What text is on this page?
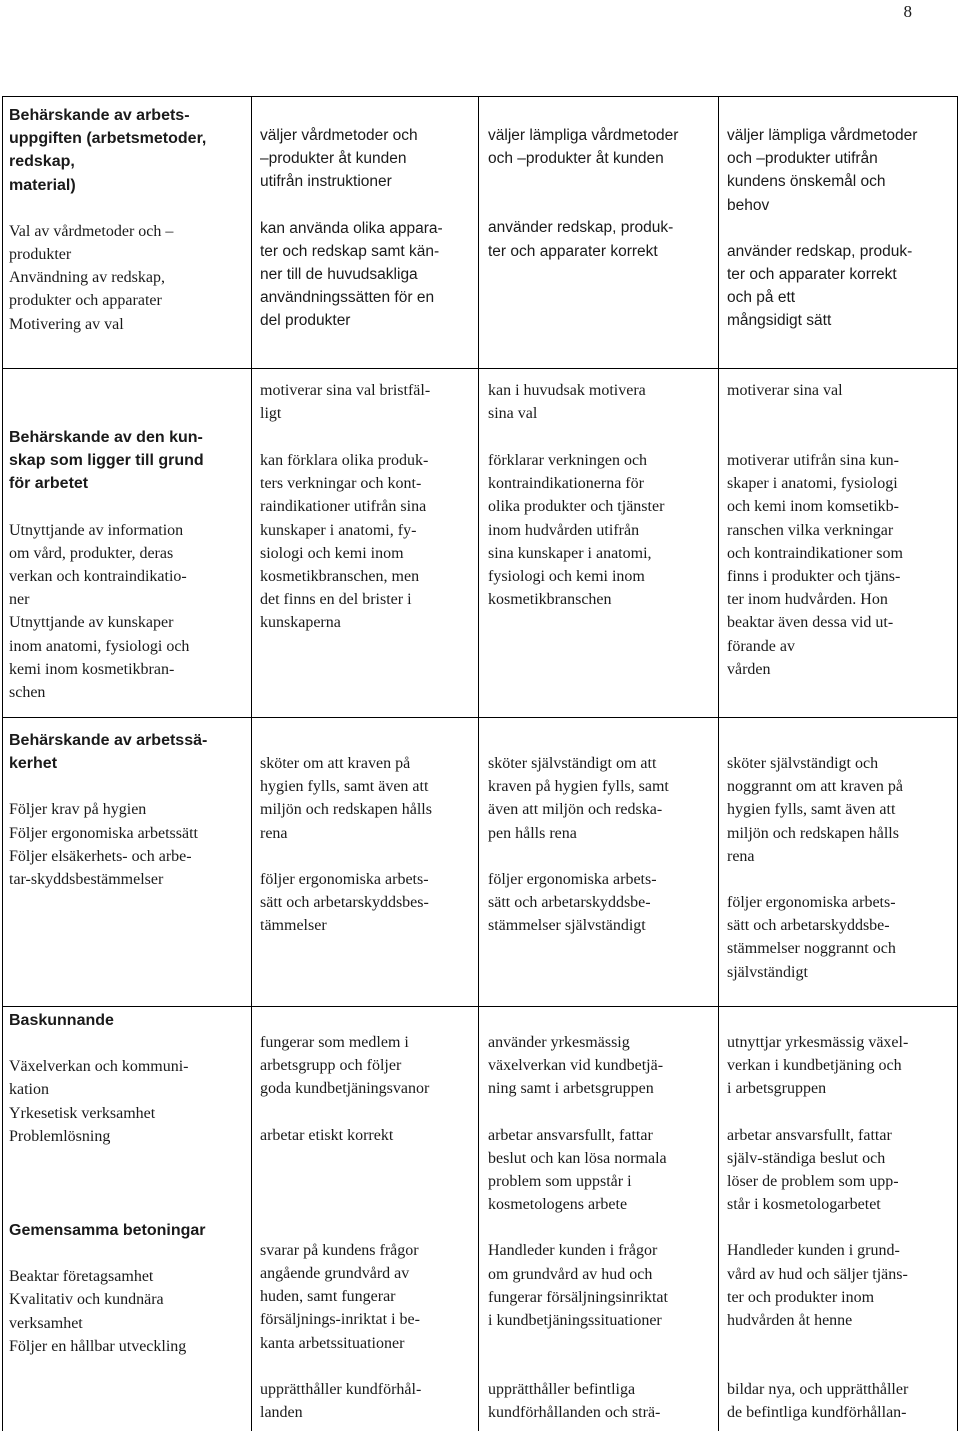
8

Behärskande av arbets-

uppgiften (arbetsmetoder,

redskap,

material)

Val av vårdmetoder och –

produkter

Användning av redskap,

produkter och apparater

Motivering av val

väljer vårdmetoder och

–produkter åt kunden

utifrån instruktioner

kan använda olika appara-

ter och redskap samt kän-

ner till de huvudsakliga

användningssätten för en

del produkter

motiverar sina val bristfäl-

ligt

väljer lämpliga vårdmetoder

och –produkter åt kunden

använder redskap, produk-

ter och apparater korrekt

kan i huvudsak motivera

sina val

väljer lämpliga vårdmetoder

och –produkter utifrån

kundens önskemål och

behov

använder redskap, produk-

ter och apparater korrekt

och på ett

mångsidigt sätt

motiverar sina val

Behärskande av den kun-

skap som ligger till grund

för arbetet

Utnyttjande av information

om vård, produkter, deras

verkan och kontraindikatio-

ner

Utnyttjande av kunskaper

inom anatomi, fysiologi och

kemi inom kosmetikbran-

schen

kan förklara olika produk-

ters verkningar och kont-

raindikationer utifrån sina

kunskaper i anatomi, fy-

siologi och kemi inom

kosmetikbranschen, men

det finns en del brister i

kunskaperna

förklarar verkningen och

kontraindikationerna för

olika produkter och tjänster

inom hudvården utifrån

sina kunskaper i anatomi,

fysiologi och kemi inom

kosmetikbranschen

motiverar utifrån sina kun-

skaper i anatomi, fysiologi

och kemi inom komsetikb-

ranschen vilka verkningar

och kontraindikationer som

finns i produkter och tjäns-

ter inom hudvården. Hon

beaktar även dessa vid ut-

förande av

vården

Behärskande av arbetssä-

kerhet

Följer krav på hygien

Följer ergonomiska arbetssätt

Följer elsäkerhets- och arbe-

tar-skyddsbestämmelser

sköter om att kraven på

hygien fylls, samt även att

miljön och redskapen hålls

rena

följer ergonomiska arbets-

sätt och arbetarskyddsbes-

tämmelser

sköter självständigt om att

kraven på hygien fylls, samt

även att miljön och redska-

pen hålls rena

följer ergonomiska arbets-

sätt och arbetarskyddsbe-

stämmelser självständigt

sköter självständigt och

noggrannt om att kraven på

hygien fylls, samt även att

miljön och redskapen hålls

rena

följer ergonomiska arbets-

sätt och arbetarskyddsbe-

stämmelser noggrannt och

självständigt

Baskunnande

Växelverkan och kommuni-

kation

Yrkesetisk verksamhet

Problemlösning

Gemensamma betoningar

Beaktar företagsamhet

Kvalitativ och kundnära

verksamhet

Följer en hållbar utveckling

fungerar som medlem i

arbetsgrupp och följer

goda kundbetjäningsvanor

arbetar etiskt korrekt

svarar på kundens frågor

angående grundvård av

huden, samt fungerar

försäljnings-inriktat i be-

kanta arbetssituationer

upprätthåller kundförhål-

landen

använder yrkesmässig

växelverkan vid kundbetjä-

ning samt i arbetsgruppen

arbetar ansvarsfullt, fattar

beslut och kan lösa normala

problem som uppstår i

kosmetologens arbete

Handleder kunden i frågor

om grundvård av hud och

fungerar försäljningsinriktat

i kundbetjäningssituationer

upprätthåller befintliga

kundförhållanden och strä-

utnyttjar yrkesmässig växel-

verkan i kundbetjäning och

i arbetsgruppen

arbetar ansvarsfullt, fattar

själv-ständiga beslut och

löser de problem som upp-

står i kosmetologarbetet

Handleder kunden i grund-

vård av hud och säljer tjäns-

ter och produkter inom

hudvården åt henne

bildar nya, och upprätthåller

de befintliga kundförhållan-
